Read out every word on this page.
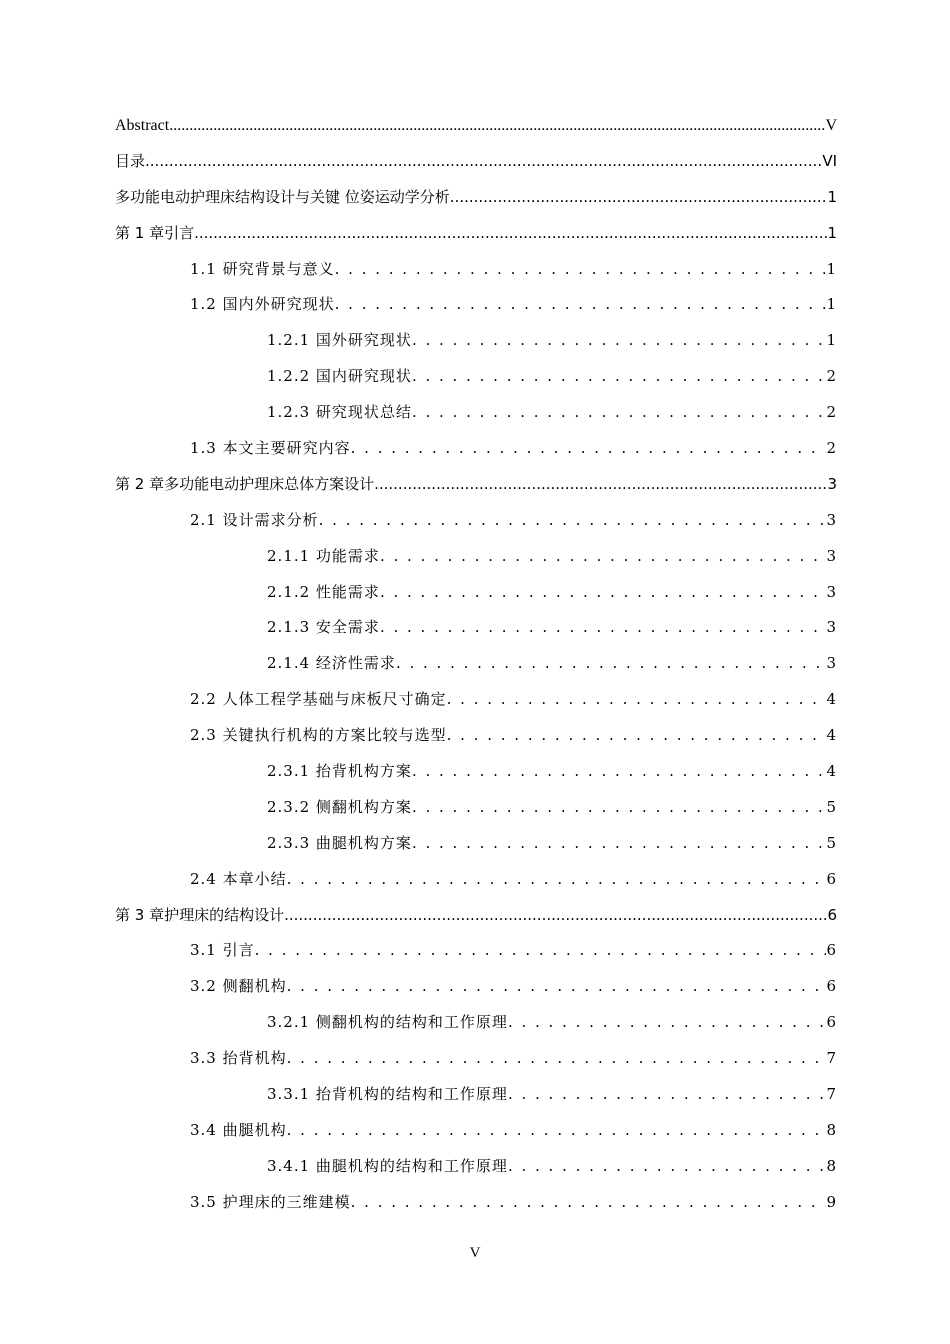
Abstract .....	V
目录 .....	VI
多功能电动护理床结构设计与关键 位姿运动学分析 .....	1
第 1 章引言 .....	1
1.1 研究背景与意义 . . .	1
1.2 国内外研究现状 . . .	1
1.2.1 国外研究现状 . . .	1
1.2.2 国内研究现状 . . .	2
1.2.3 研究现状总结 . . .	2
1.3 本文主要研究内容 . . .	2
第 2 章多功能电动护理床总体方案设计 .....	3
2.1 设计需求分析 . . .	3
2.1.1 功能需求 . . .	3
2.1.2 性能需求 . . .	3
2.1.3 安全需求 . . .	3
2.1.4 经济性需求 . . .	3
2.2 人体工程学基础与床板尺寸确定 . . .	4
2.3 关键执行机构的方案比较与选型 . . .	4
2.3.1 抬背机构方案 . . .	4
2.3.2 侧翻机构方案 . . .	5
2.3.3 曲腿机构方案 . . .	5
2.4 本章小结 . . .	6
第 3 章护理床的结构设计 .....	6
3.1 引言 . . .	6
3.2 侧翻机构 . . .	6
3.2.1 侧翻机构的结构和工作原理 . . .	6
3.3 抬背机构 . . .	7
3.3.1 抬背机构的结构和工作原理 . . .	7
3.4 曲腿机构 . . .	8
3.4.1 曲腿机构的结构和工作原理 . . .	8
3.5 护理床的三维建模 . . .	9
V
